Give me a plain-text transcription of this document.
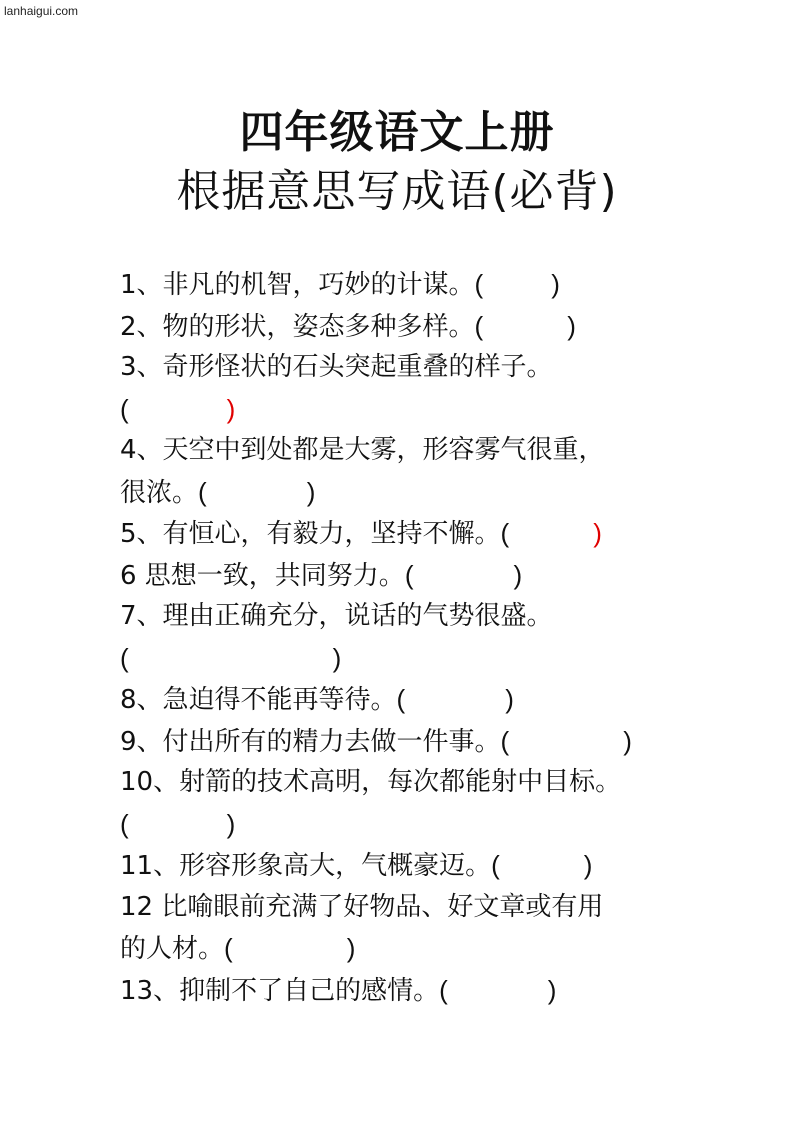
lanhaigui.com
四年级语文上册
根据意思写成语(必背)
1、非凡的机智，巧妙的计谋。(	)
2、物的形状，姿态多种多样。(	)
3、奇形怪状的石头突起重叠的样子。
(	)
4、天空中到处都是大雾，形容雾气很重，
很浓。(	)
5、有恒心，有毅力，坚持不懈。(	)
6 思想一致，共同努力。(	)
7、理由正确充分，说话的气势很盛。
(	)
8、急迫得不能再等待。(	)
9、付出所有的精力去做一件事。(	)
10、射箭的技术高明，每次都能射中目标。
(	)
11、形容形象高大，气概豪迈。(	)
12 比喻眼前充满了好物品、好文章或有用
的人材。(	)
13、抑制不了自己的感情。(	)
